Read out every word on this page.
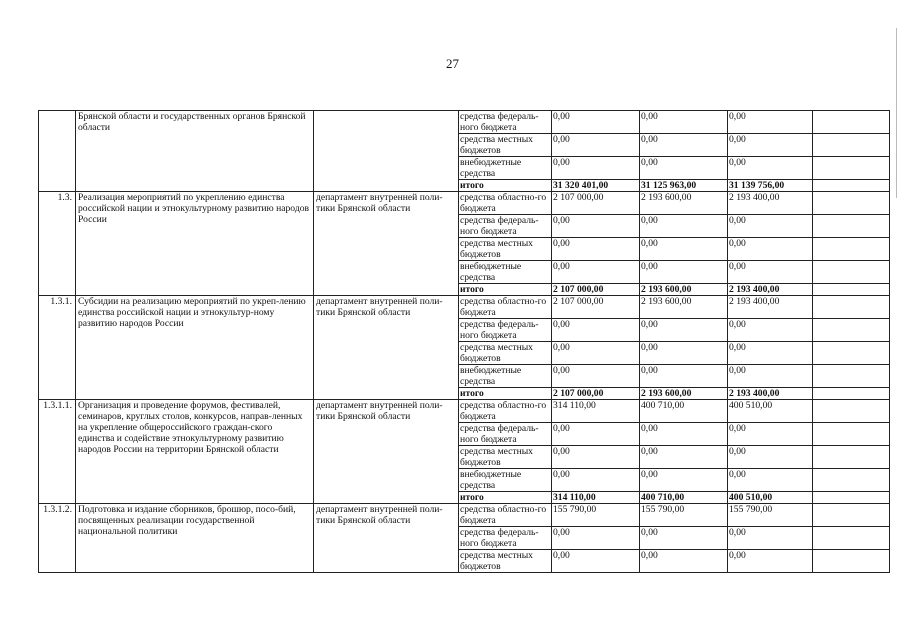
27
	Брянской области и государственных органов Брянской области		средства федераль-ного бюджета	0,00	0,00	0,00	
			средства местных бюджетов	0,00	0,00	0,00	
			внебюджетные средства	0,00	0,00	0,00	
			итого	31 320 401,00	31 125 963,00	31 139 756,00	
1.3.	Реализация мероприятий по укреплению единства российской нации и этнокультурному развитию народов России	департамент внутренней поли-тики Брянской области	средства областно-го бюджета	2 107 000,00	2 193 600,00	2 193 400,00	
			средства федераль-ного бюджета	0,00	0,00	0,00	
			средства местных бюджетов	0,00	0,00	0,00	
			внебюджетные средства	0,00	0,00	0,00	
			итого	2 107 000,00	2 193 600,00	2 193 400,00	
1.3.1.	Субсидии на реализацию мероприятий по укреп-лению единства российской нации и этнокультур-ному развитию народов России	департамент внутренней поли-тики Брянской области	средства областно-го бюджета	2 107 000,00	2 193 600,00	2 193 400,00	
			средства федераль-ного бюджета	0,00	0,00	0,00	
			средства местных бюджетов	0,00	0,00	0,00	
			внебюджетные средства	0,00	0,00	0,00	
			итого	2 107 000,00	2 193 600,00	2 193 400,00	
1.3.1.1.	Организация и проведение форумов, фестивалей, семинаров, круглых столов, конкурсов, направ-ленных на укрепление общероссийского граждан-ского единства и содействие этнокультурному развитию народов России на территории Брянской области	департамент внутренней поли-тики Брянской области	средства областно-го бюджета	314 110,00	400 710,00	400 510,00	
			средства федераль-ного бюджета	0,00	0,00	0,00	
			средства местных бюджетов	0,00	0,00	0,00	
			внебюджетные средства	0,00	0,00	0,00	
			итого	314 110,00	400 710,00	400 510,00	
1.3.1.2.	Подготовка и издание сборников, брошюр, посо-бий, посвященных реализации государственной национальной политики	департамент внутренней поли-тики Брянской области	средства областно-го бюджета	155 790,00	155 790,00	155 790,00	
			средства федераль-ного бюджета	0,00	0,00	0,00	
			средства местных бюджетов	0,00	0,00	0,00	
